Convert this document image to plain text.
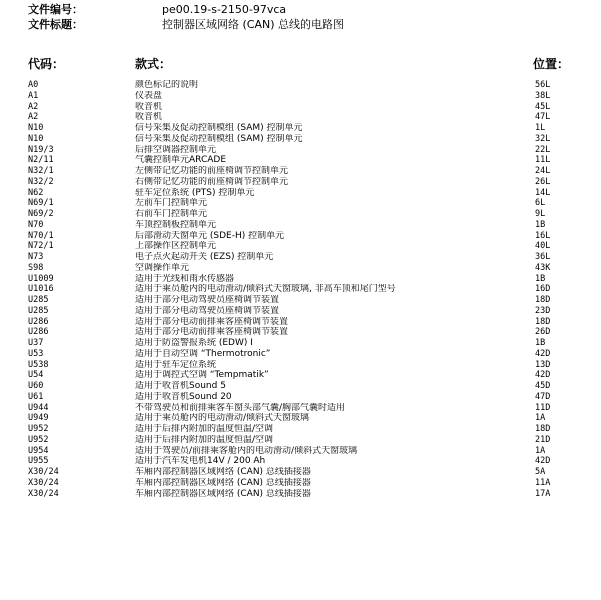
文件编号：	pe00.19-s-2150-97vca
文件标题：	控制器区域网络 (CAN) 总线的电路图
代码：	款式：	位置：
A0	颜色标记的说明	56L
A1	仪表盘	38L
A2	收音机	45L
A2	收音机	47L
N10	信号采集及促动控制模组 (SAM) 控制单元	1L
N10	信号采集及促动控制模组 (SAM) 控制单元	32L
N19/3	后排空调器控制单元	22L
N2/11	气囊控制单元ARCADE	11L
N32/1	左侧带记忆功能的前座椅调节控制单元	24L
N32/2	右侧带记忆功能的前座椅调节控制单元	26L
N62	驻车定位系统 (PTS) 控制单元	14L
N69/1	左前车门控制单元	6L
N69/2	右前车门控制单元	9L
N70	车顶控制板控制单元	1B
N70/1	后部滑动天窗单元 (SDE-H) 控制单元	16L
N72/1	上部操作区控制单元	40L
N73	电子点火起动开关 (EZS) 控制单元	36L
S98	空调操作单元	43K
U1009	适用于光线和雨水传感器	1B
U1016	适用于乘员舱内的电动滑动/倾斜式天窗玻璃, 非高车顶和尾门型号	16D
U285	适用于部分电动驾驶员座椅调节装置	18D
U285	适用于部分电动驾驶员座椅调节装置	23D
U286	适用于部分电动前排乘客座椅调节装置	18D
U286	适用于部分电动前排乘客座椅调节装置	26D
U37	适用于防盗警报系统 (EDW) I	1B
U53	适用于自动空调 “Thermotronic”	42D
U538	适用于驻车定位系统	13D
U54	适用于调控式空调 “Tempmatik”	42D
U60	适用于收音机Sound 5	45D
U61	适用于收音机Sound 20	47D
U944	不带驾驶员和前排乘客车窗头部气囊/胸部气囊时适用	11D
U949	适用于乘员舱内的电动滑动/倾斜式天窗玻璃	1A
U952	适用于后排内附加的温度恒温/空调	18D
U952	适用于后排内附加的温度恒温/空调	21D
U954	适用于驾驶员/前排乘客舱内的电动滑动/倾斜式天窗玻璃	1A
U955	适用于汽车发电机14V / 200 Ah	42D
X30/24	车厢内部控制器区域网络 (CAN) 总线插接器	5A
X30/24	车厢内部控制器区域网络 (CAN) 总线插接器	11A
X30/24	车厢内部控制器区域网络 (CAN) 总线插接器	17A
